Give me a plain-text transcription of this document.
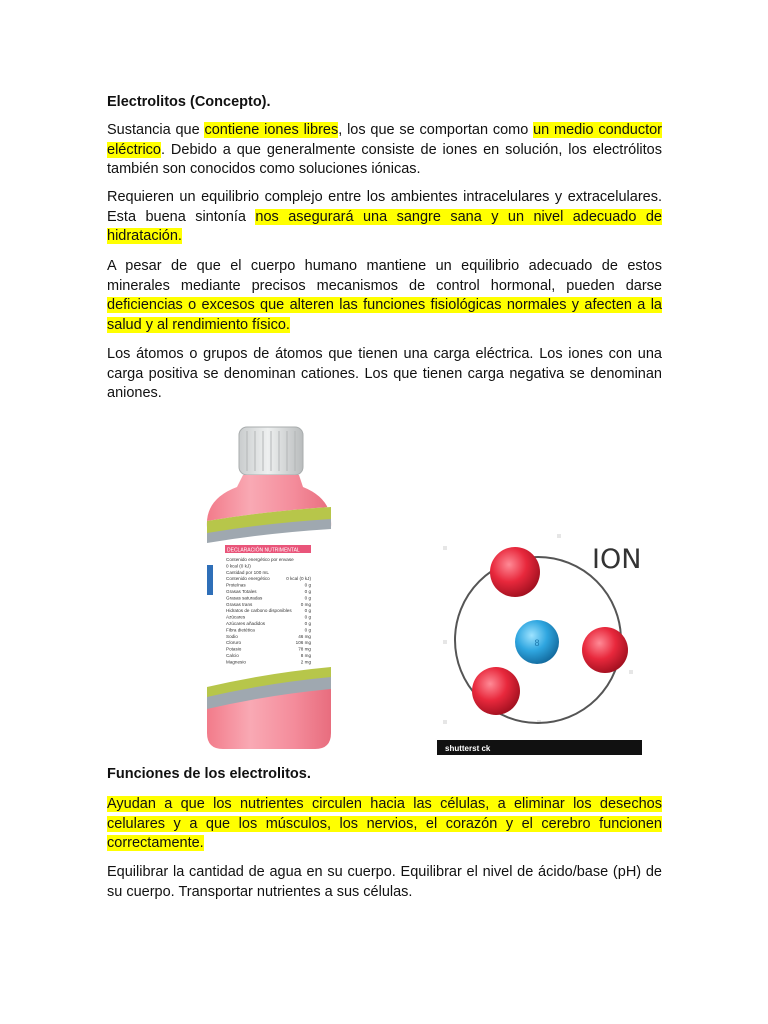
Electrolitos (Concepto).

Sustancia que contiene iones libres, los que se comportan como un medio conductor eléctrico. Debido a que generalmente consiste de iones en solución, los electrólitos también son conocidos como soluciones iónicas.

Requieren un equilibrio complejo entre los ambientes intracelulares y extracelulares. Esta buena sintonía nos asegurará una sangre sana y un nivel adecuado de hidratación.

A pesar de que el cuerpo humano mantiene un equilibrio adecuado de estos minerales mediante precisos mecanismos de control hormonal, pueden darse deficiencias o excesos que alteren las funciones fisiológicas normales y afecten a la salud y al rendimiento físico.

Los átomos o grupos de átomos que tienen una carga eléctrica. Los iones con una carga positiva se denominan cationes. Los que tienen carga negativa se denominan aniones.

Funciones de los electrolitos.

Ayudan a que los nutrientes circulen hacia las células, a eliminar los desechos celulares y a que los músculos, los nervios, el corazón y el cerebro funcionen correctamente.

Equilibrar la cantidad de agua en su cuerpo. Equilibrar el nivel de ácido/base (pH) de su cuerpo. Transportar nutrientes a sus células.

DECLARACIÓN NUTRIMENTAL
Contenido energético por envase
0 kcal (0 kJ)
Cantidad por 100 mL
Contenido energético	0 kcal (0 kJ)
Proteínas	0 g
Grasas Totales	0 g
Grasas saturadas	0 g
Grasas trans	0 mg
Hidratos de carbono disponibles	0 g
Azúcares	0 g
Azúcares añadidos	0 g
Fibra dietética	0 g
Sodio	46 mg
Cloruro	106 mg
Potasio	78 mg
Calcio	8 mg
Magnesio	2 mg
8
ION
shutterst ck
